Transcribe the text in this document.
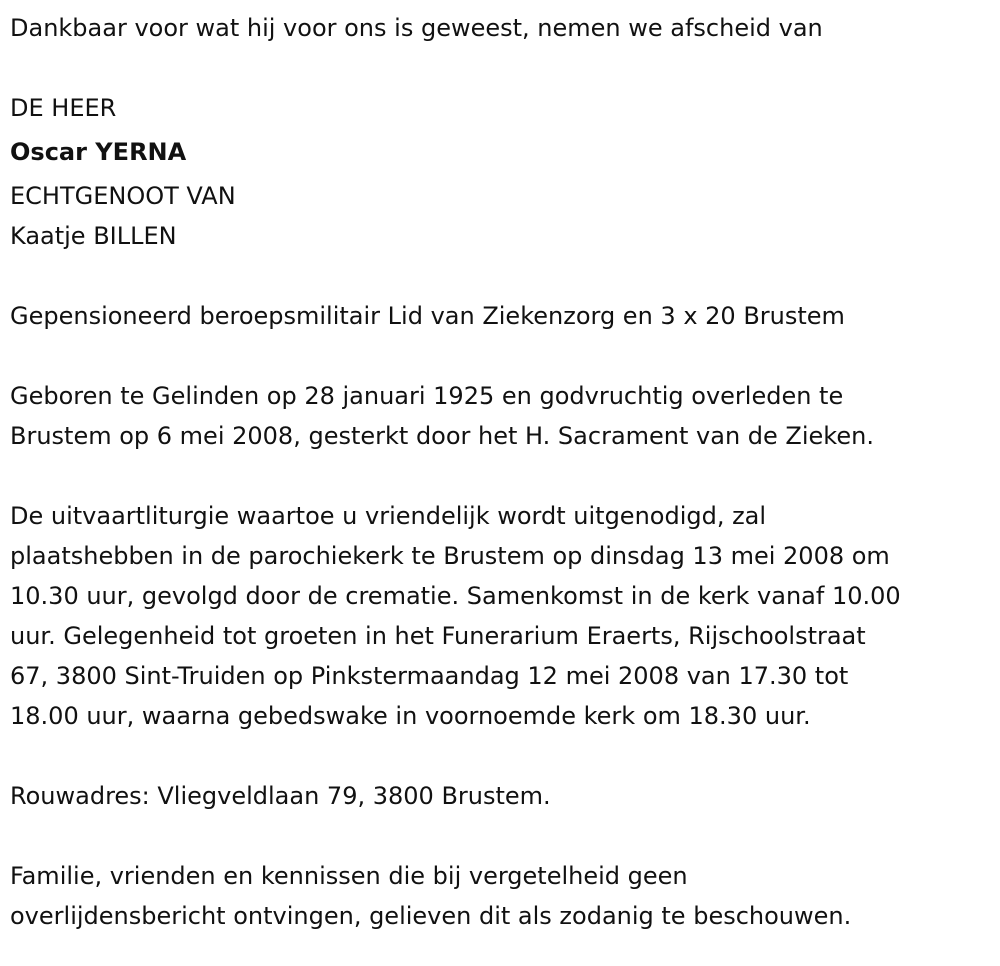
Dankbaar voor wat hij voor ons is geweest, nemen we afscheid van

DE HEER

Oscar YERNA

ECHTGENOOT VAN

Kaatje BILLEN

Gepensioneerd beroepsmilitair Lid van Ziekenzorg en 3 x 20 Brustem

Geboren te Gelinden op 28 januari 1925 en godvruchtig overleden te

Brustem op 6 mei 2008, gesterkt door het H. Sacrament van de Zieken.

De uitvaartliturgie waartoe u vriendelijk wordt uitgenodigd, zal

plaatshebben in de parochiekerk te Brustem op dinsdag 13 mei 2008 om

10.30 uur, gevolgd door de crematie. Samenkomst in de kerk vanaf 10.00

uur. Gelegenheid tot groeten in het Funerarium Eraerts, Rijschoolstraat

67, 3800 Sint-Truiden op Pinkstermaandag 12 mei 2008 van 17.30 tot

18.00 uur, waarna gebedswake in voornoemde kerk om 18.30 uur.

Rouwadres: Vliegveldlaan 79, 3800 Brustem.

Familie, vrienden en kennissen die bij vergetelheid geen

overlijdensbericht ontvingen, gelieven dit als zodanig te beschouwen.
